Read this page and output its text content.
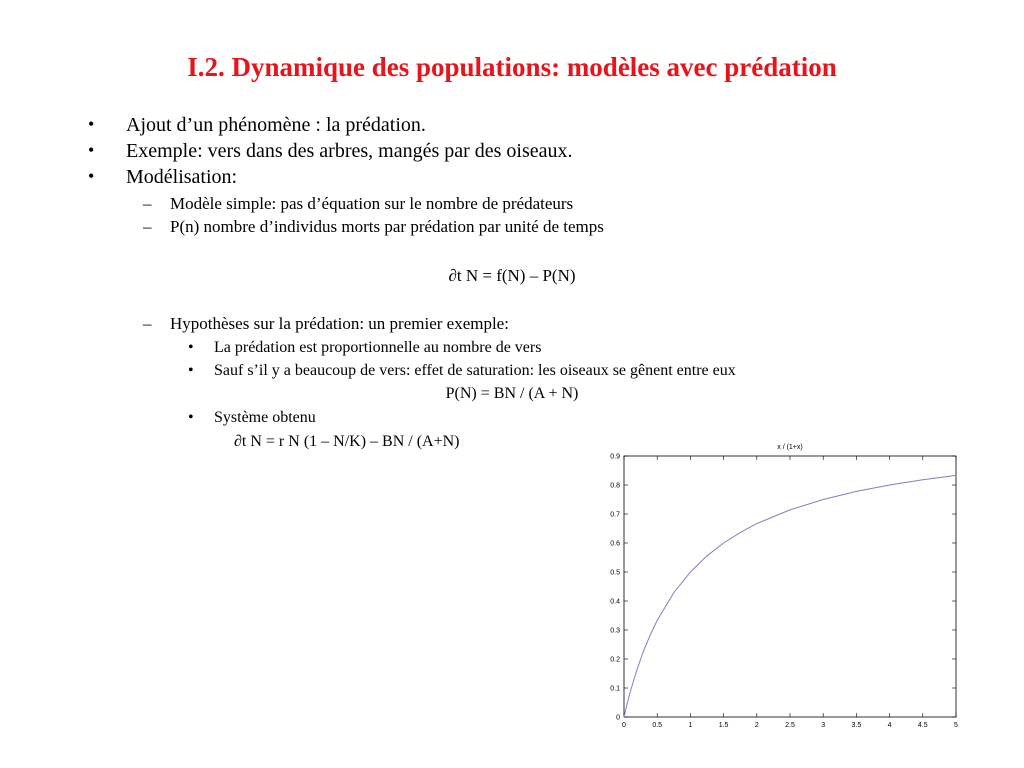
I.2. Dynamique des populations: modèles avec prédation
• Ajout d’un phénomène : la prédation.
• Exemple: vers dans des arbres, mangés par des oiseaux.
• Modélisation:
– Modèle simple: pas d’équation sur le nombre de prédateurs
– P(n) nombre d’individus morts par prédation par unité de temps
∂t N = f(N) – P(N)
– Hypothèses sur la prédation: un premier exemple:
• La prédation est proportionnelle au nombre de vers
• Sauf s’il y a beaucoup de vers: effet de saturation: les oiseaux se gênent entre eux
P(N) = BN / (A + N)
• Système obtenu
∂t N = r N (1 – N/K) – BN / (A+N)	x / (1+x)
0	0.5	1	1.5	2	2.5	3	3.5	4	4.5	5
0
0.1
0.2
0.3
0.4
0.5
0.6
0.7
0.8
0.9
